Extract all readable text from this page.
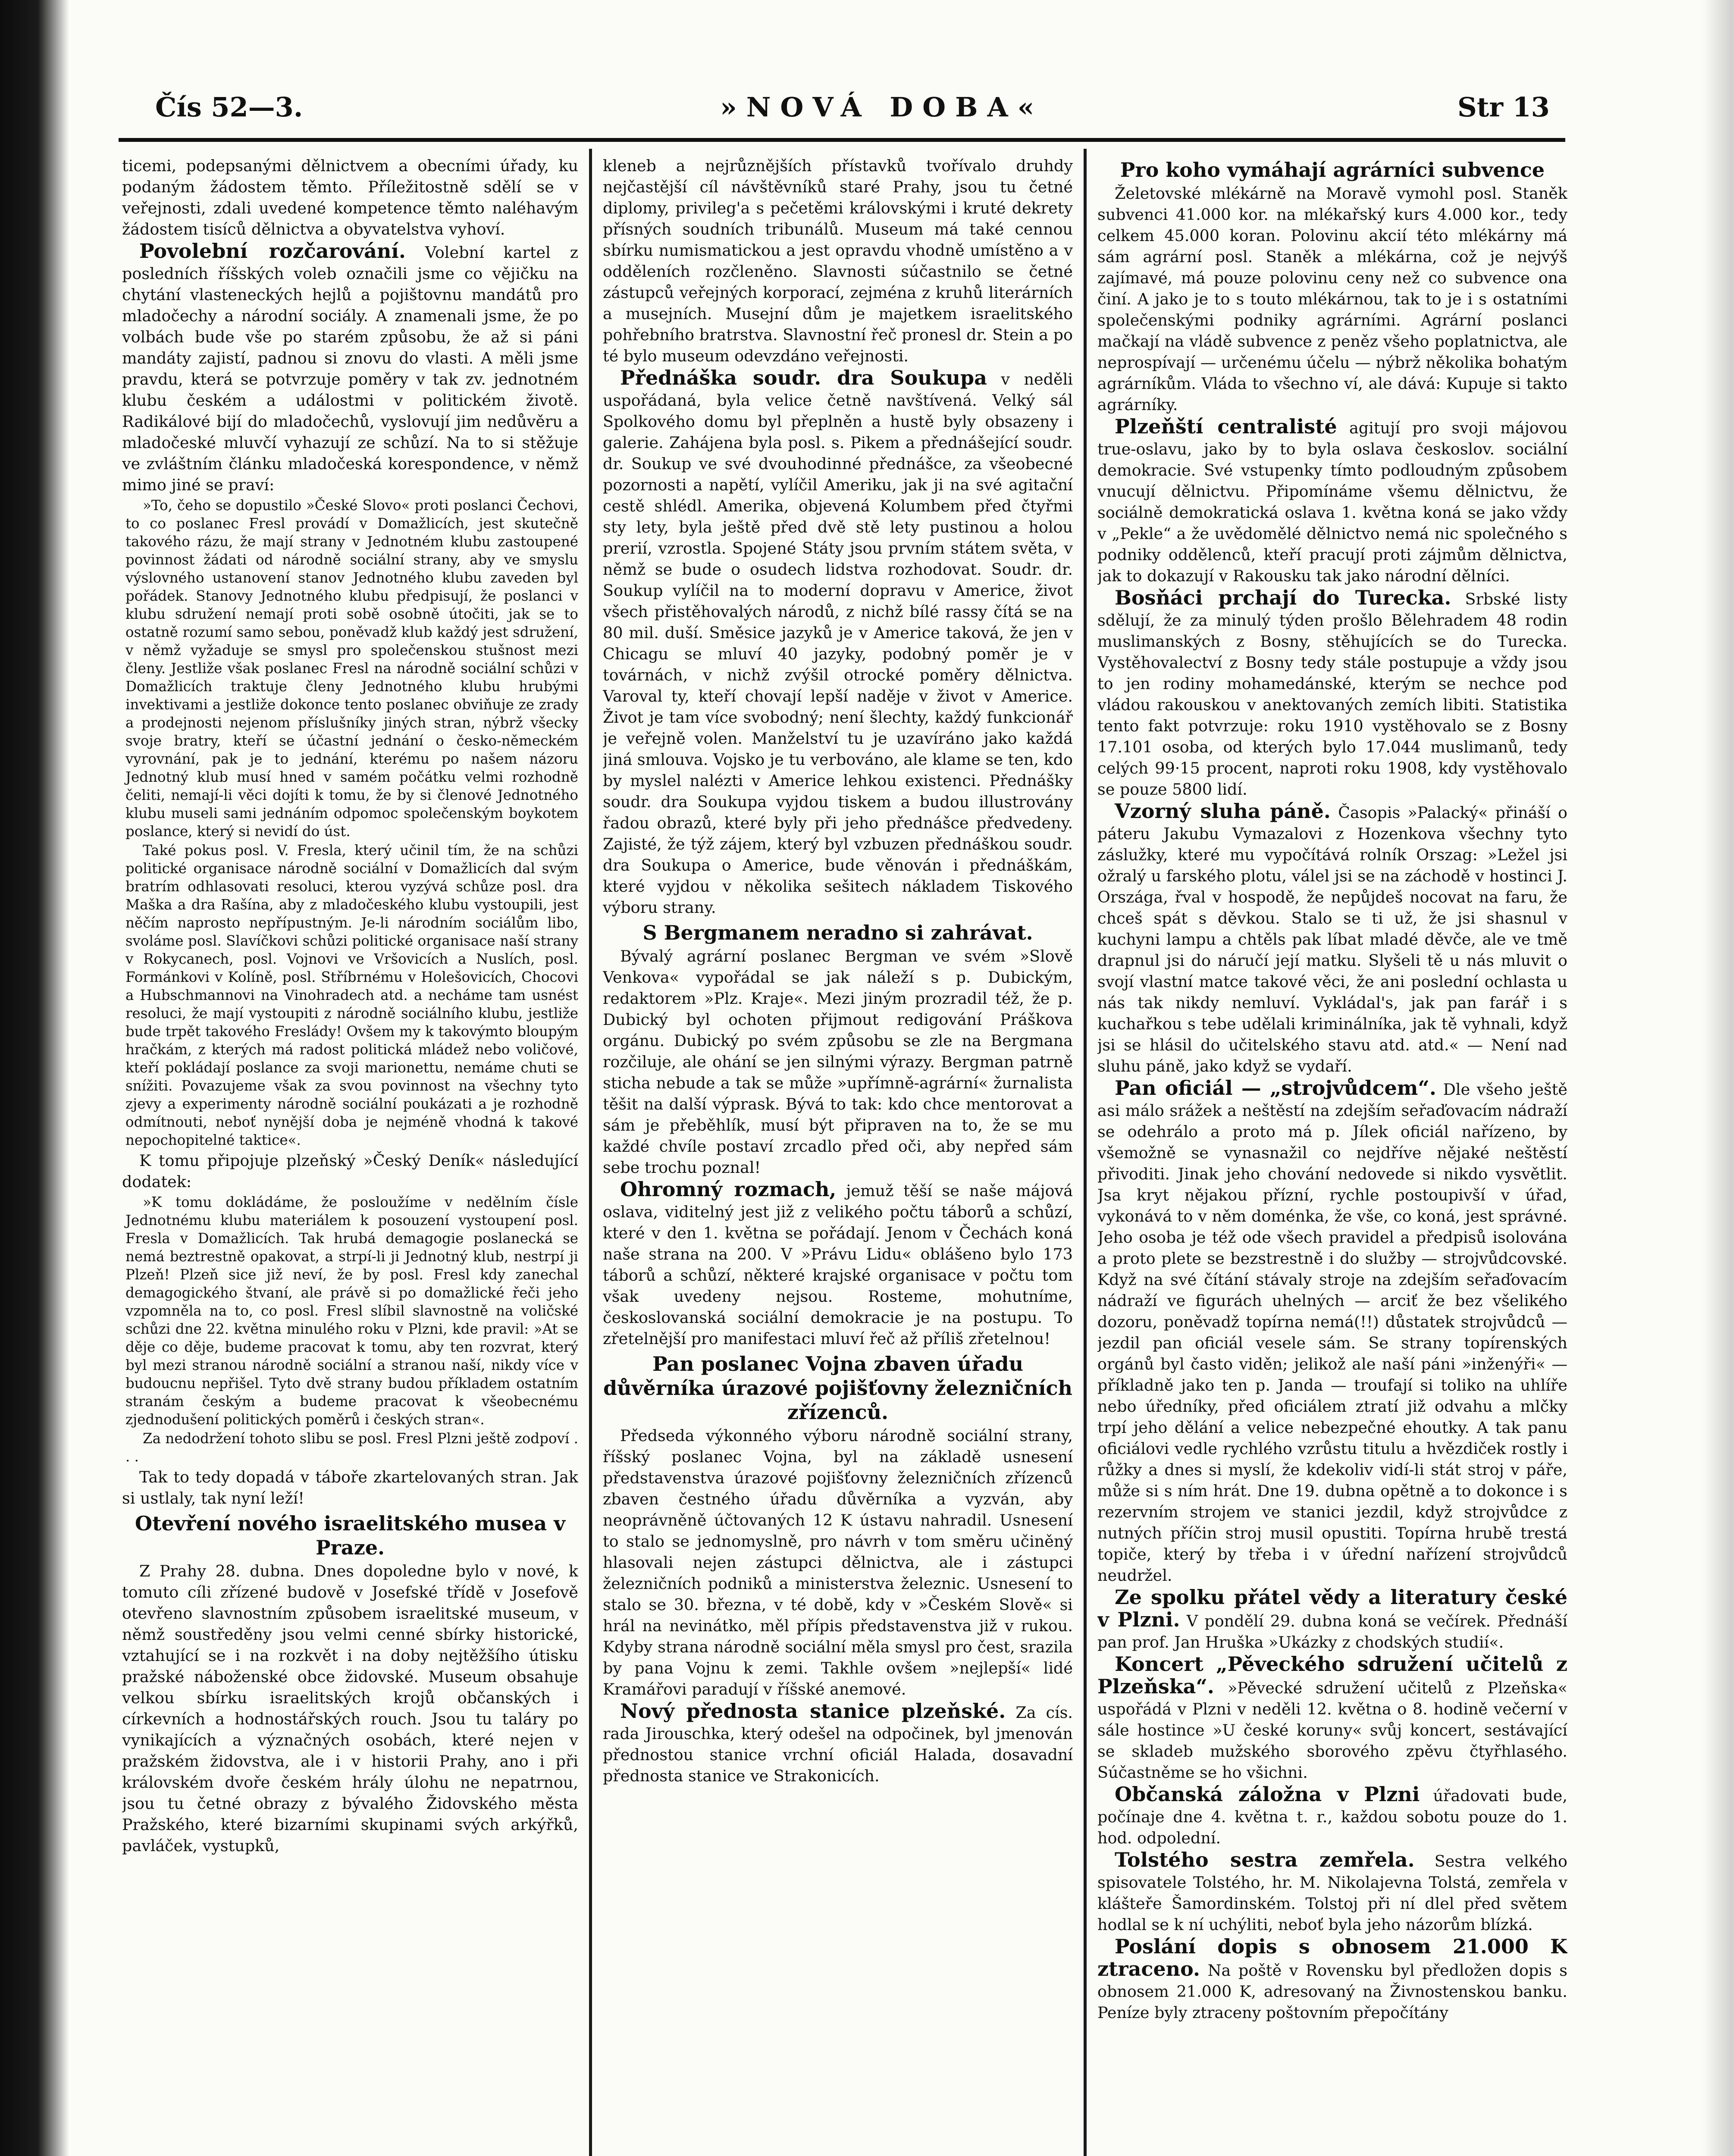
Čís 52—3.	»NOVÁ DOBA«	Str 13

ticemi, podepsanými dělnictvem a obecními úřady, ku podaným žádostem těmto. Příležitostně sdělí se v veřejnosti, zdali uvedené kompetence těmto naléhavým žádostem tisíců dělnictva a obyvatelstva vyhoví.

Povolební rozčarování. Volební kartel z posledních říšských voleb označili jsme co vějičku na chytání vlasteneckých hejlů a pojištovnu mandátů pro mladočechy a národní sociály. A znamenali jsme, že po volbách bude vše po starém způsobu, že až si páni mandáty zajistí, padnou si znovu do vlasti. A měli jsme pravdu, která se potvrzuje poměry v tak zv. jednotném klubu českém a událostmi v politickém životě. Radikálové bijí do mladočechů, vyslovují jim nedůvěru a mladočeské mluvčí vyhazují ze schůzí. Na to si stěžuje ve zvláštním článku mladočeská korespondence, v němž mimo jiné se praví:

»To, čeho se dopustilo »České Slovo« proti poslanci Čechovi, to co poslanec Fresl provádí v Domažlicích, jest skutečně takového rázu, že mají strany v Jednotném klubu zastoupené povinnost žádati od národně sociální strany, aby ve smyslu výslovného ustanovení stanov Jednotného klubu zaveden byl pořádek. Stanovy Jednotného klubu předpisují, že poslanci v klubu sdružení nemají proti sobě osobně útočiti, jak se to ostatně rozumí samo sebou, poněvadž klub každý jest sdružení, v němž vyžaduje se smysl pro společenskou stušnost mezi členy. Jestliže však poslanec Fresl na národně sociální schůzi v Domažlicích traktuje členy Jednotného klubu hrubými invektivami a jestliže dokonce tento poslanec obviňuje ze zrady a prodejnosti nejenom příslušníky jiných stran, nýbrž všecky svoje bratry, kteří se účastní jednání o česko-německém vyrovnání, pak je to jednání, kterému po našem názoru Jednotný klub musí hned v samém počátku velmi rozhodně čeliti, nemají-li věci dojíti k tomu, že by si členové Jednotného klubu museli sami jednáním odpomoc společenským boykotem poslance, který si nevidí do úst.

Také pokus posl. V. Fresla, který učinil tím, že na schůzi politické organisace národně sociální v Domažlicích dal svým bratrím odhlasovati resoluci, kterou vyzývá schůze posl. dra Maška a dra Rašína, aby z mladočeského klubu vystoupili, jest něčím naprosto nepřípustným. Je-li národním sociálům libo, svoláme posl. Slavíčkovi schůzi politické organisace naší strany v Rokycanech, posl. Vojnovi ve Vršovicích a Nuslích, posl. Formánkovi v Kolíně, posl. Stříbrnému v Holešovicích, Chocovi a Hubschmannovi na Vinohradech atd. a necháme tam usnést resoluci, že mají vystoupiti z národně sociálního klubu, jestliže bude trpět takového Freslády! Ovšem my k takovýmto bloupým hračkám, z kterých má radost politická mládež nebo voličové, kteří pokládají poslance za svoji marionettu, nemáme chuti se snížiti. Povazujeme však za svou povinnost na všechny tyto zjevy a experimenty národně sociální poukázati a je rozhodně odmítnouti, neboť nynější doba je nejméně vhodná k takové nepochopitelné taktice«.

K tomu připojuje plzeňský »Český Deník« následující dodatek:

»K tomu dokládáme, že posloužíme v nedělním čísle Jednotnému klubu materiálem k posouzení vystoupení posl. Fresla v Domažlicích. Tak hrubá demagogie poslanecká se nemá beztrestně opakovat, a strpí-li ji Jednotný klub, nestrpí ji Plzeň! Plzeň sice již neví, že by posl. Fresl kdy zanechal demagogického štvaní, ale právě si po domažlické řeči jeho vzpomněla na to, co posl. Fresl slíbil slavnostně na voličské schůzi dne 22. května minulého roku v Plzni, kde pravil: »At se děje co děje, budeme pracovat k tomu, aby ten rozvrat, který byl mezi stranou národně sociální a stranou naší, nikdy více v budoucnu nepřišel. Tyto dvě strany budou příkladem ostatním stranám českým a budeme pracovat k všeobecnému zjednodušení politických poměrů i českých stran«.

Za nedodržení tohoto slibu se posl. Fresl Plzni ještě zodpoví . . .

Tak to tedy dopadá v táboře zkartelovaných stran. Jak si ustlaly, tak nyní leží!

Otevření nového israelitského musea v Praze.

Z Prahy 28. dubna. Dnes dopoledne bylo v nové, k tomuto cíli zřízené budově v Josefské třídě v Josefově otevřeno slavnostním způsobem israelitské museum, v němž soustředěny jsou velmi cenné sbírky historické, vztahující se i na rozkvět i na doby nejtěžšího útisku pražské náboženské obce židovské. Museum obsahuje velkou sbírku israelitských krojů občanských i církevních a hodnostářských rouch. Jsou tu taláry po vynikajících a význačných osobách, které nejen v pražském židovstva, ale i v historii Prahy, ano i při královském dvoře českém hrály úlohu ne nepatrnou, jsou tu četné obrazy z bývalého Židovského města Pražského, které bizarními skupinami svých arkýřků, pavláček, vystupků,

kleneb a nejrůznějších přístavků tvořívalo druhdy nejčastější cíl návštěvníků staré Prahy, jsou tu četné diplomy, privileg'a s pečetěmi královskými i kruté dekrety přísných soudních tribunálů. Museum má také cennou sbírku numismatickou a jest opravdu vhodně umístěno a v odděleních rozčleněno. Slavnosti súčastnilo se četné zástupců veřejných korporací, zejména z kruhů literárních a musejních. Musejní dům je majetkem israelitského pohřebního bratrstva. Slavnostní řeč pronesl dr. Stein a po té bylo museum odevzdáno veřejnosti.

Přednáška soudr. dra Soukupa v neděli uspořádaná, byla velice četně navštívená. Velký sál Spolkového domu byl přeplněn a hustě byly obsazeny i galerie. Zahájena byla posl. s. Pikem a přednášející soudr. dr. Soukup ve své dvouhodinné přednášce, za všeobecné pozornosti a napětí, vylíčil Ameriku, jak ji na své agitační cestě shlédl. Amerika, objevená Kolumbem před čtyřmi sty lety, byla ještě před dvě stě lety pustinou a holou prerií, vzrostla. Spojené Státy jsou prvním státem světa, v němž se bude o osudech lidstva rozhodovat. Soudr. dr. Soukup vylíčil na to moderní dopravu v Americe, život všech přistěhovalých národů, z nichž bílé rassy čítá se na 80 mil. duší. Směsice jazyků je v Americe taková, že jen v Chicagu se mluví 40 jazyky, podobný poměr je v továrnách, v nichž zvýšil otrocké poměry dělnictva. Varoval ty, kteří chovají lepší naděje v život v Americe. Život je tam více svobodný; není šlechty, každý funkcionář je veřejně volen. Manželství tu je uzavíráno jako každá jiná smlouva. Vojsko je tu verbováno, ale klame se ten, kdo by myslel nalézti v Americe lehkou existenci. Přednášky soudr. dra Soukupa vyjdou tiskem a budou illustrovány řadou obrazů, které byly při jeho přednášce předvedeny. Zajisté, že týž zájem, který byl vzbuzen přednáškou soudr. dra Soukupa o Americe, bude věnován i přednáškám, které vyjdou v několika sešitech nákladem Tiskového výboru strany.

S Bergmanem neradno si zahrávat.

Bývalý agrární poslanec Bergman ve svém »Slově Venkova« vypořádal se jak náleží s p. Dubickým, redaktorem »Plz. Kraje«. Mezi jiným prozradil též, že p. Dubický byl ochoten přijmout redigování Práškova orgánu. Dubický po svém způsobu se zle na Bergmana rozčiluje, ale ohání se jen silnými výrazy. Bergman patrně sticha nebude a tak se může »upřímně-agrární« žurnalista těšit na další výprask. Bývá to tak: kdo chce mentorovat a sám je přeběhlík, musí být připraven na to, že se mu každé chvíle postaví zrcadlo před oči, aby nepřed sám sebe trochu poznal!

Ohromný rozmach, jemuž těší se naše májová oslava, viditelný jest již z velikého počtu táborů a schůzí, které v den 1. května se pořádají. Jenom v Čechách koná naše strana na 200. V »Právu Lidu« oblášeno bylo 173 táborů a schůzí, některé krajské organisace v počtu tom však uvedeny nejsou. Rosteme, mohutníme, českoslovanská sociální demokracie je na postupu. To zřetelnější pro manifestaci mluví řeč až příliš zřetelnou!

Pan poslanec Vojna zbaven úřadu důvěrníka úrazové pojišťovny železničních zřízenců.

Předseda výkonného výboru národně sociální strany, říšský poslanec Vojna, byl na základě usnesení představenstva úrazové pojišťovny železničních zřízenců zbaven čestného úřadu důvěrníka a vyzván, aby neoprávněně účtovaných 12 K ústavu nahradil. Usnesení to stalo se jednomyslně, pro návrh v tom směru učiněný hlasovali nejen zástupci dělnictva, ale i zástupci železničních podniků a ministerstva železnic. Usnesení to stalo se 30. března, v té době, kdy v »Českém Slově« si hrál na nevinátko, měl přípis představenstva již v rukou. Kdyby strana národně sociální měla smysl pro čest, srazila by pana Vojnu k zemi. Takhle ovšem »nejlepší« lidé Kramářovi paradují v říšské anemové.

Nový přednosta stanice plzeňské. Za cís. rada Jirouschka, který odešel na odpočinek, byl jmenován přednostou stanice vrchní oficiál Halada, dosavadní přednosta stanice ve Strakonicích.

Pro koho vymáhají agrárníci subvence

Želetovské mlékárně na Moravě vymohl posl. Staněk subvenci 41.000 kor. na mlékařský kurs 4.000 kor., tedy celkem 45.000 koran. Polovinu akcií této mlékárny má sám agrární posl. Staněk a mlékárna, což je nejvýš zajímavé, má pouze polovinu ceny než co subvence ona činí. A jako je to s touto mlékárnou, tak to je i s ostatními společenskými podniky agrárními. Agrární poslanci mačkají na vládě subvence z peněz všeho poplatnictva, ale neprospívají — určenému účelu — nýbrž několika bohatým agrárníkům. Vláda to všechno ví, ale dává: Kupuje si takto agrárníky.

Plzeňští centralisté agitují pro svoji májovou true-oslavu, jako by to byla oslava českoslov. sociální demokracie. Své vstupenky tímto podloudným způsobem vnucují dělnictvu. Připomínáme všemu dělnictvu, že sociálně demokratická oslava 1. května koná se jako vždy v „Pekle“ a že uvědomělé dělnictvo nemá nic společného s podniky oddělenců, kteří pracují proti zájmům dělnictva, jak to dokazují v Rakousku tak jako národní dělníci.

Bosňáci prchají do Turecka. Srbské listy sdělují, že za minulý týden prošlo Bělehradem 48 rodin muslimanských z Bosny, stěhujících se do Turecka. Vystěhovalectví z Bosny tedy stále postupuje a vždy jsou to jen rodiny mohamedánské, kterým se nechce pod vládou rakouskou v anektovaných zemích libiti. Statistika tento fakt potvrzuje: roku 1910 vystěhovalo se z Bosny 17.101 osoba, od kterých bylo 17.044 muslimanů, tedy celých 99·15 procent, naproti roku 1908, kdy vystěhovalo se pouze 5800 lidí.

Vzorný sluha páně. Časopis »Palacký« přináší o páteru Jakubu Vymazalovi z Hozenkova všechny tyto záslužky, které mu vypočítává rolník Orszag: »Ležel jsi ožralý u farského plotu, válel jsi se na záchodě v hostinci J. Országa, řval v hospodě, že nepůjdeš nocovat na faru, že chceš spát s děvkou. Stalo se ti už, že jsi shasnul v kuchyni lampu a chtěls pak líbat mladé děvče, ale ve tmě drapnul jsi do náručí její matku. Slyšeli tě u nás mluvit o svojí vlastní matce takové věci, že ani poslední ochlasta u nás tak nikdy nemluví. Vykládal's, jak pan farář i s kuchařkou s tebe udělali kriminálníka, jak tě vyhnali, když jsi se hlásil do učitelského stavu atd. atd.« — Není nad sluhu páně, jako když se vydaří.

Pan oficiál — „strojvůdcem“. Dle všeho ještě asi málo srážek a neštěstí na zdejším seřaďovacím nádraží se odehrálo a proto má p. Jílek oficiál nařízeno, by všemožně se vynasnažil co nejdříve nějaké neštěstí přivoditi. Jinak jeho chování nedovede si nikdo vysvětlit. Jsa kryt nějakou přízní, rychle postoupivší v úřad, vykonává to v něm doménka, že vše, co koná, jest správné. Jeho osoba je též ode všech pravidel a předpisů isolována a proto plete se bezstrestně i do služby — strojvůdcovské. Když na své čítání stávaly stroje na zdejším seřaďovacím nádraží ve figurách uhelných — arciť že bez všelikého dozoru, poněvadž topírna nemá(!!) důstatek strojvůdců — jezdil pan oficiál vesele sám. Se strany topírenských orgánů byl často viděn; jelikož ale naší páni »inženýři« — příkladně jako ten p. Janda — troufají si toliko na uhlíře nebo úředníky, před oficiálem ztratí již odvahu a mlčky trpí jeho dělání a velice nebezpečné ehoutky. A tak panu oficiálovi vedle rychlého vzrůstu titulu a hvězdiček rostly i růžky a dnes si myslí, že kdekoliv vidí-li stát stroj v páře, může si s ním hrát. Dne 19. dubna opětně a to dokonce i s rezervním strojem ve stanici jezdil, když strojvůdce z nutných příčin stroj musil opustiti. Topírna hrubě trestá topiče, který by třeba i v úřední nařízení strojvůdců neudržel.

Ze spolku přátel vědy a literatury české v Plzni. V pondělí 29. dubna koná se večírek. Přednáší pan prof. Jan Hruška »Ukázky z chodských studií«.

Koncert „Pěveckého sdružení učitelů z Plzeňska“. »Pěvecké sdružení učitelů z Plzeňska« uspořádá v Plzni v neděli 12. května o 8. hodině večerní v sále hostince »U české koruny« svůj koncert, sestávající se skladeb mužského sborového zpěvu čtyřhlasého. Súčastněme se ho všichni.

Občanská záložna v Plzni úřadovati bude, počínaje dne 4. května t. r., každou sobotu pouze do 1. hod. odpolední.

Tolstého sestra zemřela. Sestra velkého spisovatele Tolstého, hr. M. Nikolajevna Tolstá, zemřela v klášteře Šamordinském. Tolstoj při ní dlel před světem hodlal se k ní uchýliti, neboť byla jeho názorům blízká.

Poslání dopis s obnosem 21.000 K ztraceno. Na poště v Rovensku byl předložen dopis s obnosem 21.000 K, adresovaný na Živnostenskou banku. Peníze byly ztraceny poštovním přepočítány
